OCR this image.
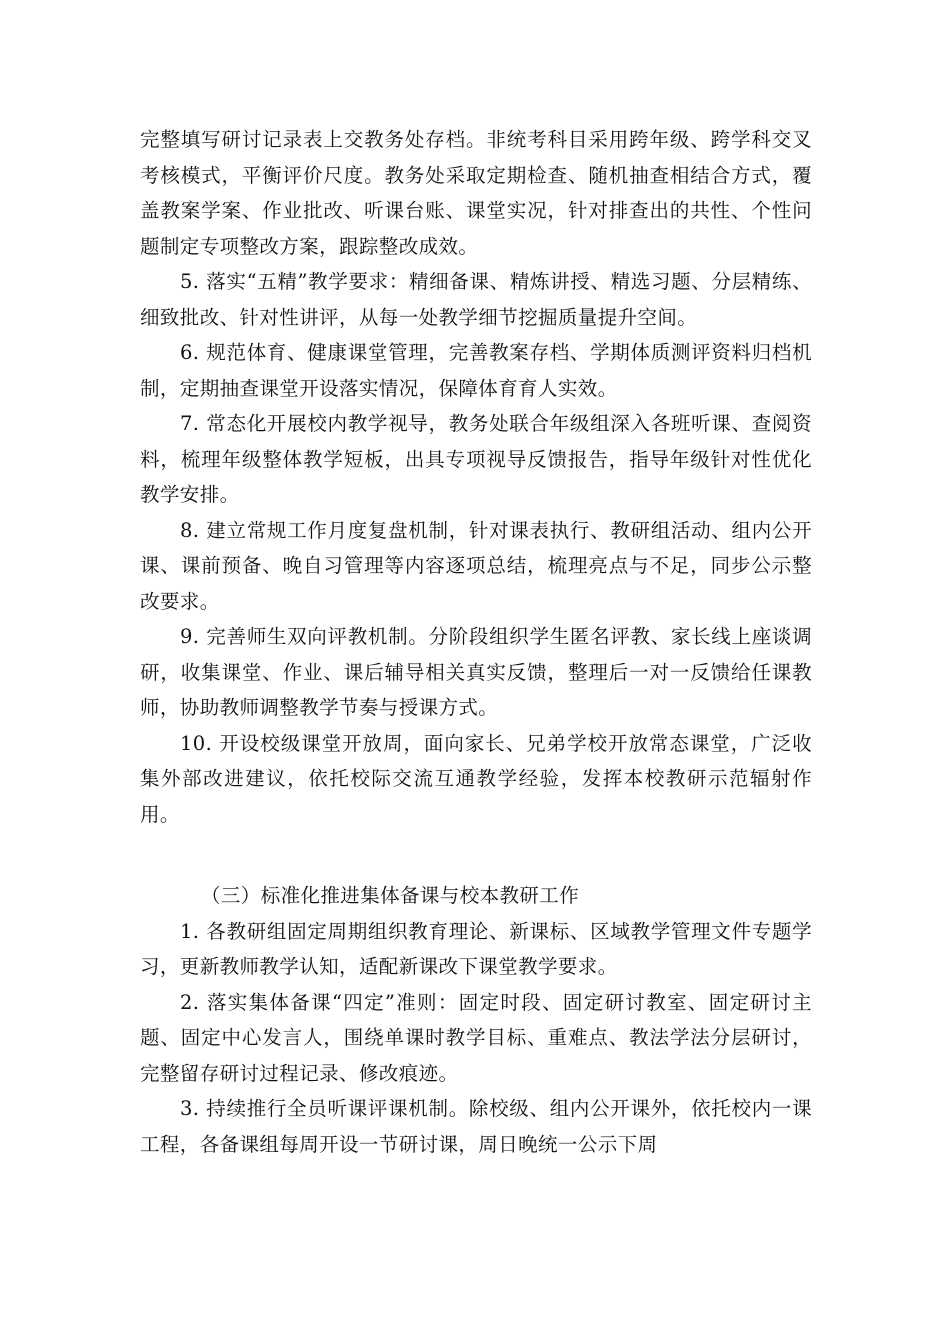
完整填写研讨记录表上交教务处存档。非统考科目采用跨年级、跨学科交叉考核模式，平衡评价尺度。教务处采取定期检查、随机抽查相结合方式，覆盖教案学案、作业批改、听课台账、课堂实况，针对排查出的共性、个性问题制定专项整改方案，跟踪整改成效。

5. 落实“五精”教学要求：精细备课、精炼讲授、精选习题、分层精练、细致批改、针对性讲评，从每一处教学细节挖掘质量提升空间。

6. 规范体育、健康课堂管理，完善教案存档、学期体质测评资料归档机制，定期抽查课堂开设落实情况，保障体育育人实效。

7. 常态化开展校内教学视导，教务处联合年级组深入各班听课、查阅资料，梳理年级整体教学短板，出具专项视导反馈报告，指导年级针对性优化教学安排。

8. 建立常规工作月度复盘机制，针对课表执行、教研组活动、组内公开课、课前预备、晚自习管理等内容逐项总结，梳理亮点与不足，同步公示整改要求。

9. 完善师生双向评教机制。分阶段组织学生匿名评教、家长线上座谈调研，收集课堂、作业、课后辅导相关真实反馈，整理后一对一反馈给任课教师，协助教师调整教学节奏与授课方式。

10. 开设校级课堂开放周，面向家长、兄弟学校开放常态课堂，广泛收集外部改进建议，依托校际交流互通教学经验，发挥本校教研示范辐射作用。

（三）标准化推进集体备课与校本教研工作

1. 各教研组固定周期组织教育理论、新课标、区域教学管理文件专题学习，更新教师教学认知，适配新课改下课堂教学要求。

2. 落实集体备课“四定”准则：固定时段、固定研讨教室、固定研讨主题、固定中心发言人，围绕单课时教学目标、重难点、教法学法分层研讨，完整留存研讨过程记录、修改痕迹。

3. 持续推行全员听课评课机制。除校级、组内公开课外，依托校内一课工程，各备课组每周开设一节研讨课，周日晚统一公示下周
